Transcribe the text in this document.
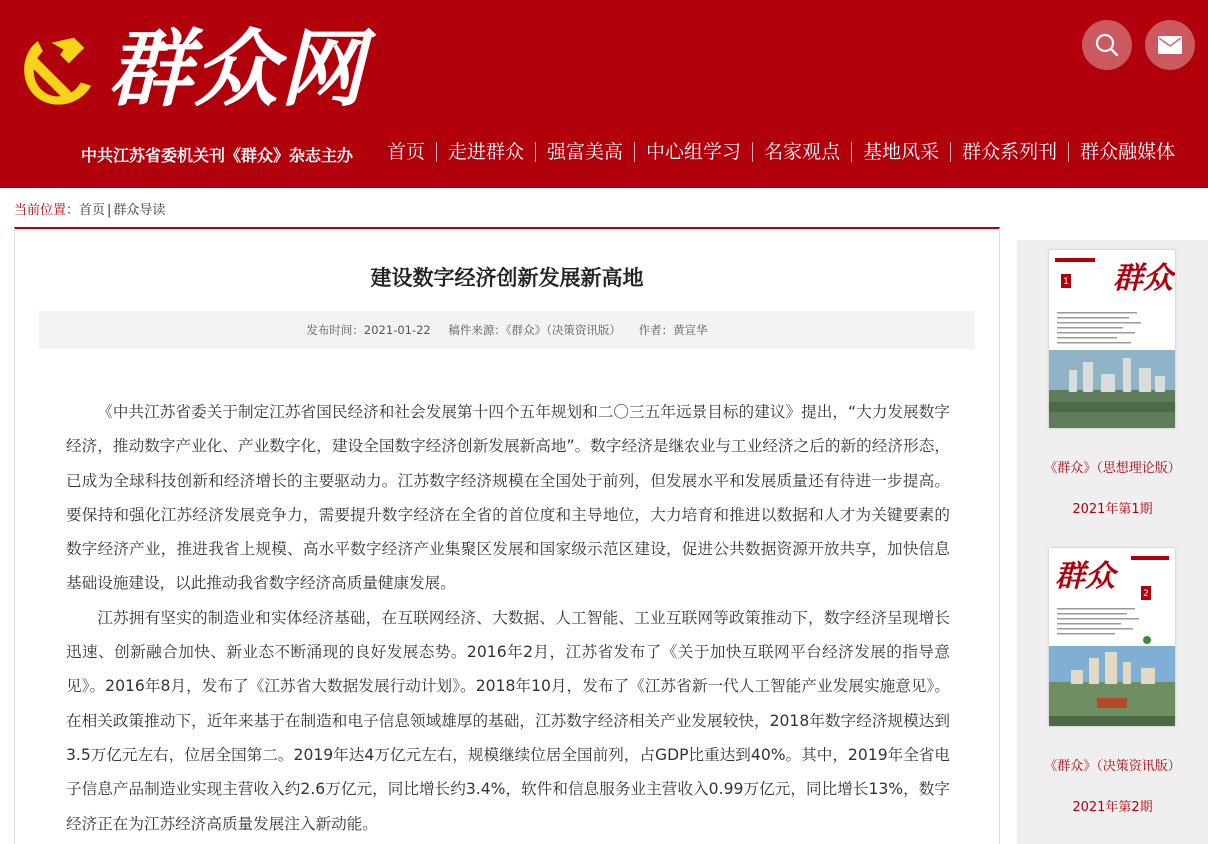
群众网
中共江苏省委机关刊《群众》杂志主办	首页	走进群众	强富美高	中心组学习	名家观点	基地风采	群众系列刊	群众融媒体
当前位置：首页 | 群众导读
建设数字经济创新发展新高地
发布时间：2021-01-22 稿件来源：《群众》（决策资讯版） 作者：黄宣华

《中共江苏省委关于制定江苏省国民经济和社会发展第十四个五年规划和二〇三五年远景目标的建议》提出，“大力发展数字经济，推动数字产业化、产业数字化，建设全国数字经济创新发展新高地”。数字经济是继农业与工业经济之后的新的经济形态，已成为全球科技创新和经济增长的主要驱动力。江苏数字经济规模在全国处于前列，但发展水平和发展质量还有待进一步提高。要保持和强化江苏经济发展竞争力，需要提升数字经济在全省的首位度和主导地位，大力培育和推进以数据和人才为关键要素的数字经济产业，推进我省上规模、高水平数字经济产业集聚区发展和国家级示范区建设，促进公共数据资源开放共享，加快信息基础设施建设，以此推动我省数字经济高质量健康发展。

江苏拥有坚实的制造业和实体经济基础，在互联网经济、大数据、人工智能、工业互联网等政策推动下，数字经济呈现增长迅速、创新融合加快、新业态不断涌现的良好发展态势。2016年2月，江苏省发布了《关于加快互联网平台经济发展的指导意见》。2016年8月，发布了《江苏省大数据发展行动计划》。2018年10月，发布了《江苏省新一代人工智能产业发展实施意见》。在相关政策推动下，近年来基于在制造和电子信息领域雄厚的基础，江苏数字经济相关产业发展较快，2018年数字经济规模达到3.5万亿元左右，位居全国第二。2019年达4万亿元左右，规模继续位居全国前列，占GDP比重达到40%。其中，2019年全省电子信息产品制造业实现主营收入约2.6万亿元，同比增长约3.4%，软件和信息服务业主营收入0.99万亿元，同比增长13%，数字经济正在为江苏经济高质量发展注入新动能。

群众
1
《群众》（思想理论版）
2021年第1期
群众	2
《群众》（决策资讯版）
2021年第2期
